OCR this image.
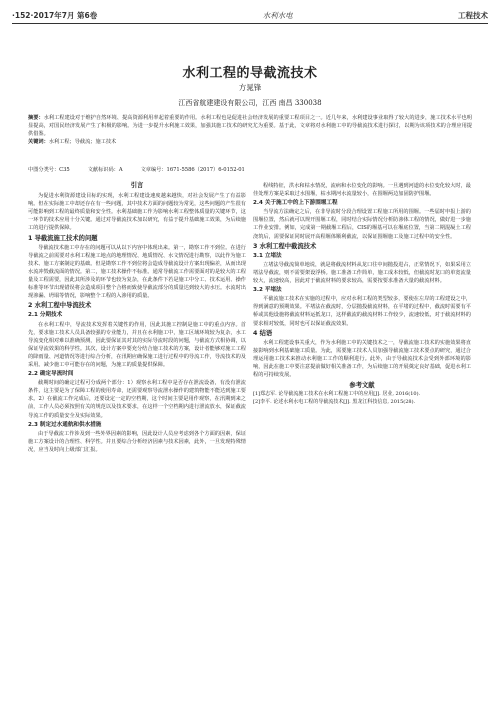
·152·2017年7月 第6卷	水利水电	工程技术
水利工程的导截流技术
方晁锋
江西省航建建设有限公司，江西 南昌 330038
摘要：水利工程建设对于维护自然环境、提高资源利用率起着重要的作用。水利工程也是促进社会经济发展的重要工程项目之一。近几年来，水利建设事业取得了较大的进步，施工技术水平也明显提高，对国民经济发展产生了积极的影响。为进一步提升水利施工效果，加强其施工技术的研究尤为重要。基于此，文章将对水利施工中的导截流技术进行探讨，以期为该项技术的合理应用提供借鉴。
关键词：水利工程；导截流；施工技术
中图分类号：C35	文献标识码：A	文章编号：1671-5586（2017）6-0152-01
引言
为促进水利资源建设目标的实现，水利工程建设速度越来越快，对社会发展产生了有益影响。但在实际施工中却还存在有一些问题，其中技术方面的问题较为常见，这些问题的产生很有可能影响到工程的最终质量和安全性。水利基础施工作为影响水利工程整体质量的关键环节，这一环节的技术应用十分关键。通过对导截流技术加以研究，有益于提升基础施工效果，为后续施工的进行提供保障。
1 导截流施工技术的问题
导截流技术施工中存在的问题可以从以下内容中体现出来。第一，勘察工作不到位。在进行导截流之前需要对水利工程施工地点的地理情况、地质情况、水文情况进行勘察，以此作为施工技术、施工方案制定的基础。但是勘察工作不到位将会造成导截流设计方案出现偏差，从而出现水流冲毁截流面的情况。第二，施工技术操作不标准。通常导截流工作需要面对的是较大的工程量及工程需要，因此其所涉及的环节也较为复杂，在此条件下若是施工中分工、技术运用、操作标准等环节出现错误将会造成项目整个合格而致使导截流部分的质量达到较大的水压。水流时出现渗漏、坍塌等情况，影响整个工程的入渗用的质量。
2 水利工程中导流技术
2.1 分期技术
在水利工程中，导流技术发挥着关键性的作用，因此其施工控制是施工中的重点内容。首先，要求施工技术人员具备较强的专业能力，并且在水利施工中，施工区域环境较为复杂，水工导流变化相对难以准确预测，因此要保证其对其的实际导流时段的问题，与截流方式相协调，以保证导流效果的科学性。其次，设计方案中要充分结合施工技术的方案，设计者能够对施工工程的降雨量、河道情况等进行综合分析，在汛期应确保施工进行过程中的导流工作，导流技术的及采用。减少施工中可能存在的问题，为施工的质量提供保障。
2.2 确定导流时间
截期时间的确定过程可分成两个部分：1）观察水利工程中是否存在泄流设备，有没有泄流条件，这主要是为了保障工程的使用寿命，还需要观察导流泄水操作的建筑物能不能达到施工要求。2）在截流工作完成后，还要设定一定的空档期，这个时间主要是用作观察，在汛期到来之前，工作人员必须按照有关的规范以及技术要求，在这样一个空档期内进行泄流放水，保证截流导流工作的质量安全及实际效果。
2.3 制定过水通航和供水措施
由于导截流工作涉及到一些外界因素的影响，因此设计人员应考虑到各个方面的因素，保证施工方案设计的合理性、科学性。并且要综合分析经济因素与技术因素，此外，一旦发现特殊情况，应当及时向上级部门汇报。
程线特征，洪水和枯水情况，流病和水位变化的影响。一旦遇到河道的水位变化较大时，最佳处理方案是采取过水围堰，枯水期河水流量较小，在围堰两边加固防护围堰。
2.4 关于施工中的上下游围堰工程
当导流方法确定之后，在非导流时分段合理设置工程施工所用的围堰。一些届时申报上游的围堰位置，然后就可以规开围堰工程，同时结合实际情况分析防渗体工程的情况，做好进一步施工作业安排。例如，完成第一期截堰工程后，CIS的堰基可以在堰底位置，当第二期混凝土工程浇筑后，需要保证同时展开高程堰体顺利截流，以保证围堰施工及施工过程中的安全性。
3 水利工程中截流技术
3.1 立堵法
立堵法导截流简单地说，就是将截流材料从龙口往中间抛投进占，正常情况下，如果采用立堵法导截流，则不需要架设浮桥。施工准备工作简单，施工成本较低，但截流时龙口的单宽流量较大，流速较高，因此对于截流材料的要求较高，需要按要求准备大量的截流材料。
3.2 平堵法
平截流施工技术在实施的过程中，应对水利工程的类型较多，要使在左岸的工程建设之中，得到满意的预期效果。平堵法在截流时，分层抛投截流材料，在平堵的过程中，截流时需要有平桥或其他设施将截流材料运抵龙口，这样截流的截流材料工作较少，流速较低，对于截流材料的要求相对较低，同时也可以保证截流效果。
4 结语
水利工程建设事关重大，作为水利施工中的关键技术之一，导截流施工技术的实施效果将直接影响到水利基础施工质量。为此，需要施工技术人员加强导截流施工技术要点的研究，通过合理运用施工技术来推动水利施工工作的顺利进行。此外，由于导截流技术会受到外部环境的影响，因此在施工中要注意提前做好相关准备工作，为后续施工的开展奠定良好基础，促进水利工程的可持续发展。
参考文献
[1]郑志军. 论导截流施工技术在水利工程施工中的应用[J]. 居业, 2016(10).
[2]李平. 论述水利水电工程的导截流技术[J]. 黑龙江科技信息, 2015(28).
